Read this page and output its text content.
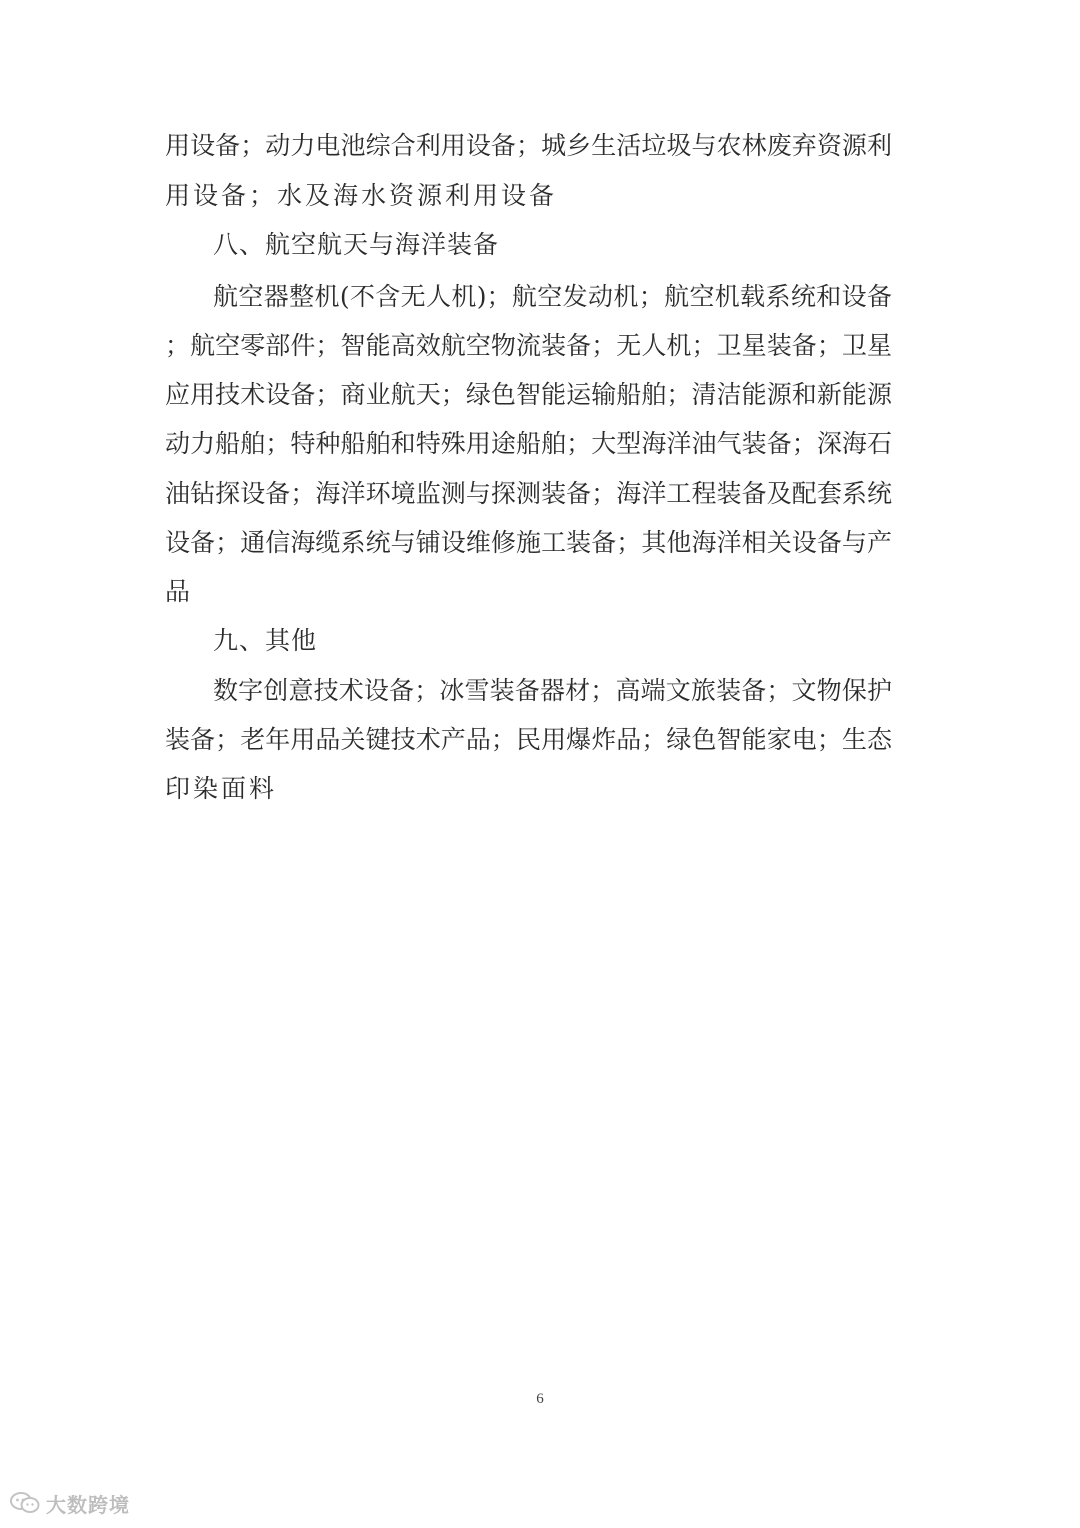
用设备；动力电池综合利用设备；城乡生活垃圾与农林废弃资源利
用设备；水及海水资源利用设备
八、航空航天与海洋装备
航空器整机(不含无人机)；航空发动机；航空机载系统和设备
；航空零部件；智能高效航空物流装备；无人机；卫星装备；卫星
应用技术设备；商业航天；绿色智能运输船舶；清洁能源和新能源
动力船舶；特种船舶和特殊用途船舶；大型海洋油气装备；深海石
油钻探设备；海洋环境监测与探测装备；海洋工程装备及配套系统
设备；通信海缆系统与铺设维修施工装备；其他海洋相关设备与产
品
九、其他
数字创意技术设备；冰雪装备器材；高端文旅装备；文物保护
装备；老年用品关键技术产品；民用爆炸品；绿色智能家电；生态
印染面料
6
大数跨境
